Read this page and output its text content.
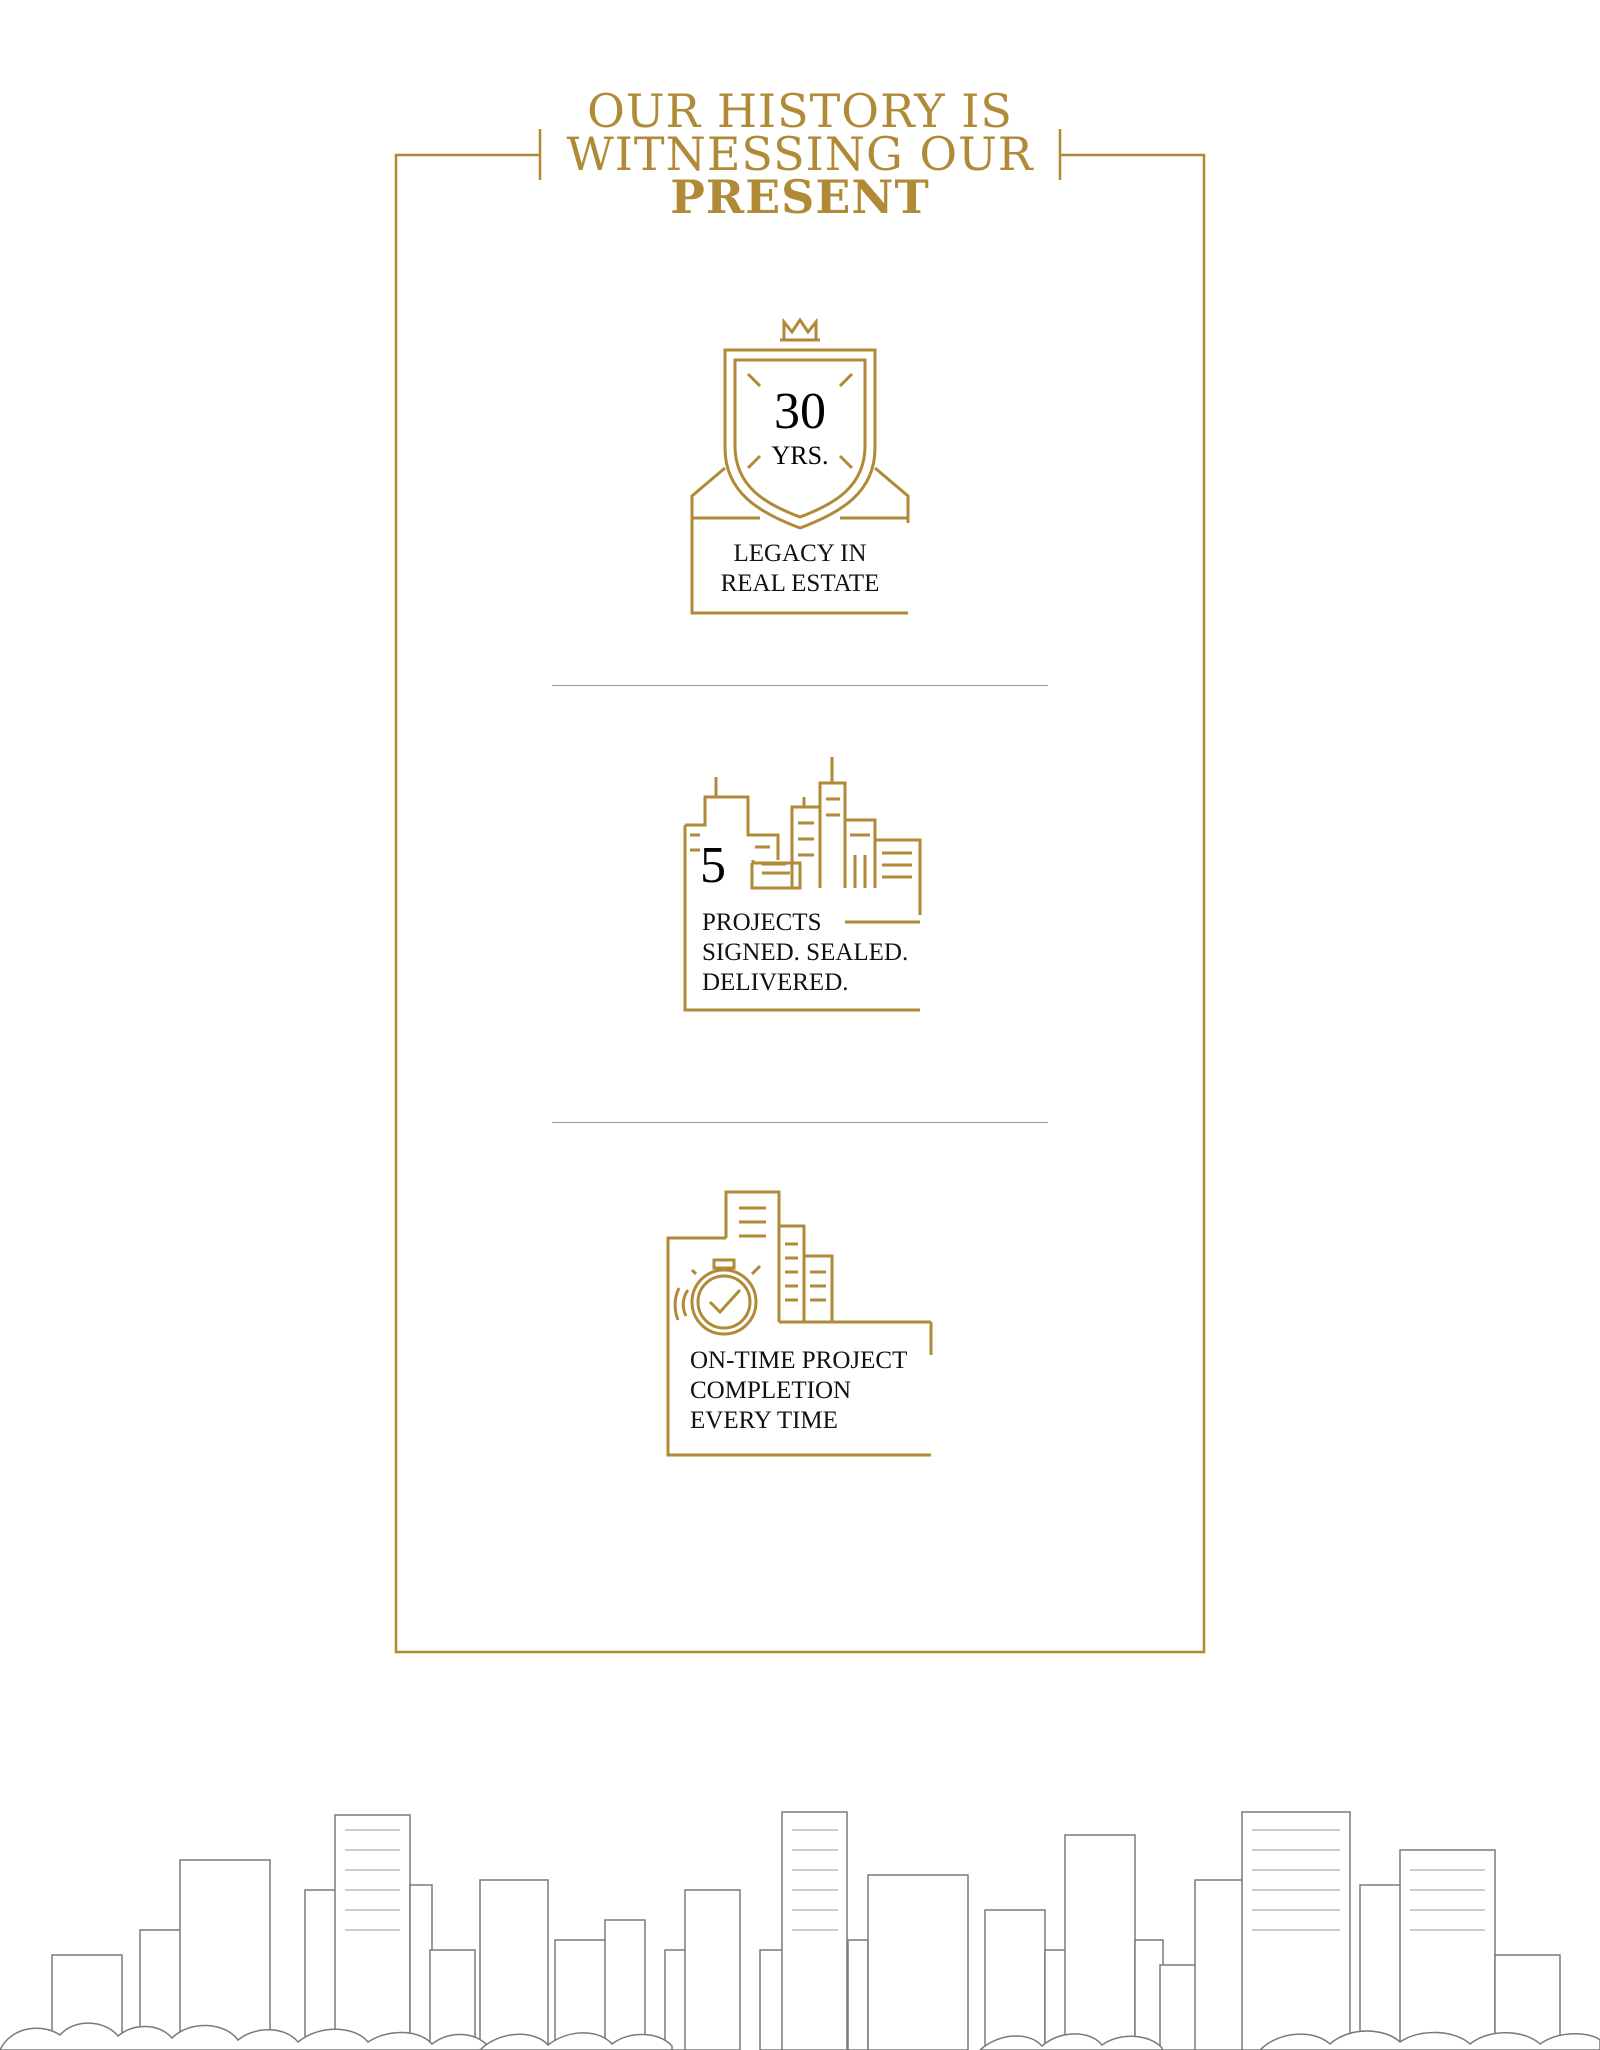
OUR HISTORY IS
WITNESSING OUR
PRESENT
30
YRS.
LEGACY IN
REAL ESTATE
5
PROJECTS
SIGNED. SEALED.
DELIVERED.
ON-TIME PROJECT
COMPLETION
EVERY TIME
